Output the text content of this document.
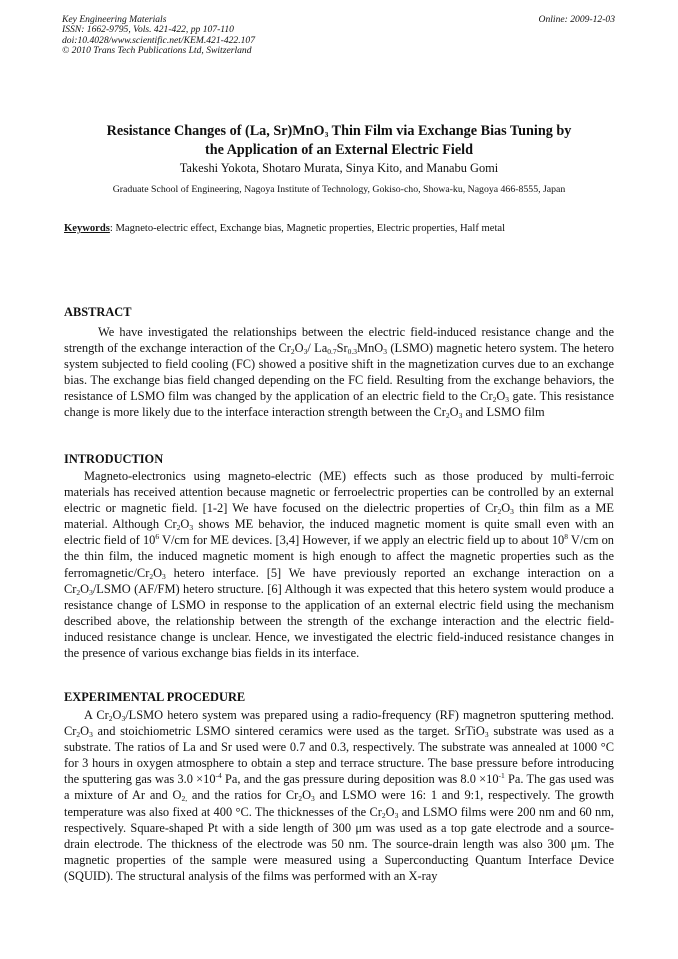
Key Engineering Materials
ISSN: 1662-9795, Vols. 421-422, pp 107-110
doi:10.4028/www.scientific.net/KEM.421-422.107
© 2010 Trans Tech Publications Ltd, Switzerland
Online: 2009-12-03
Resistance Changes of (La, Sr)MnO$_3$ Thin Film via Exchange Bias Tuning by
the Application of an External Electric Field
Takeshi Yokota, Shotaro Murata, Sinya Kito, and Manabu Gomi
Graduate School of Engineering, Nagoya Institute of Technology, Gokiso-cho, Showa-ku, Nagoya 466-8555, Japan
Keywords: Magneto-electric effect, Exchange bias, Magnetic properties, Electric properties, Half metal
ABSTRACT

We have investigated the relationships between the electric field-induced resistance change and the strength of the exchange interaction of the $Cr_2O_3/$ $La_{0.7}Sr_{0.3}MnO_3$ (LSMO) magnetic hetero system. The hetero system subjected to field cooling (FC) showed a positive shift in the magnetization curves due to an exchange bias. The exchange bias field changed depending on the FC field. Resulting from the exchange behaviors, the resistance of LSMO film was changed by the application of an electric field to the $Cr_2O_3$ gate. This resistance change is more likely due to the interface interaction strength between the $Cr_2O_3$ and LSMO film

INTRODUCTION

Magneto-electronics using magneto-electric (ME) effects such as those produced by multi-ferroic materials has received attention because magnetic or ferroelectric properties can be controlled by an external electric or magnetic field. [1-2] We have focused on the dielectric properties of $Cr_2O_3$ thin film as a ME material. Although $Cr_2O_3$ shows ME behavior, the induced magnetic moment is quite small even with an electric field of $10^6$ V/cm for ME devices. [3,4] However, if we apply an electric field up to about $10^8$ V/cm on the thin film, the induced magnetic moment is high enough to affect the magnetic properties such as the ferromagnetic/$Cr_2O_3$ hetero interface. [5] We have previously reported an exchange interaction on a $Cr_2O_3$/LSMO (AF/FM) hetero structure. [6] Although it was expected that this hetero system would produce a resistance change of LSMO in response to the application of an external electric field using the mechanism described above, the relationship between the strength of the exchange interaction and the electric field-induced resistance change is unclear. Hence, we investigated the electric field-induced resistance changes in the presence of various exchange bias fields in its interface.

EXPERIMENTAL PROCEDURE

A $Cr_2O_3$/LSMO hetero system was prepared using a radio-frequency (RF) magnetron sputtering method. $Cr_2O_3$ and stoichiometric LSMO sintered ceramics were used as the target. SrTiO$_3$ substrate was used as a substrate. The ratios of La and Sr used were 0.7 and 0.3, respectively. The substrate was annealed at 1000 °C for 3 hours in oxygen atmosphere to obtain a step and terrace structure. The base pressure before introducing the sputtering gas was $3.0 \times 10^{-4}$ Pa, and the gas pressure during deposition was $8.0 \times 10^{-1}$ Pa. The gas used was a mixture of Ar and $O_{2,}$ and the ratios for $Cr_2O_3$ and LSMO were 16: 1 and 9:1, respectively. The growth temperature was also fixed at 400 °C. The thicknesses of the $Cr_2O_3$ and LSMO films were 200 nm and 60 nm, respectively. Square-shaped Pt with a side length of 300 μm was used as a top gate electrode and a source-drain electrode. The thickness of the electrode was 50 nm. The source-drain length was also 300 μm. The magnetic properties of the sample were measured using a Superconducting Quantum Interface Device (SQUID). The structural analysis of the films was performed with an X-ray
